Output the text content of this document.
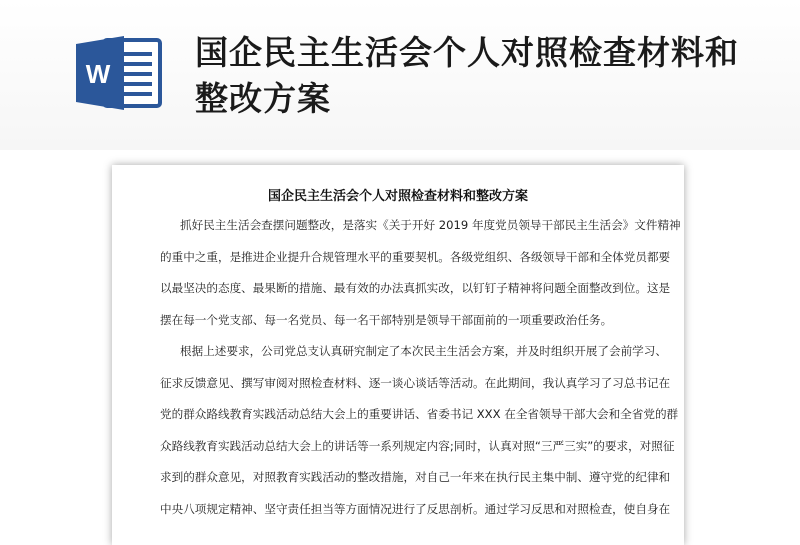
W
国企民主生活会个人对照检查材料和整改方案
国企民主生活会个人对照检查材料和整改方案
抓好民主生活会查摆问题整改，是落实《关于开好 2019 年度党员领导干部民主生活会》文件精神
的重中之重，是推进企业提升合规管理水平的重要契机。各级党组织、各级领导干部和全体党员都要
以最坚决的态度、最果断的措施、最有效的办法真抓实改，以钉钉子精神将问题全面整改到位。这是
摆在每一个党支部、每一名党员、每一名干部特别是领导干部面前的一项重要政治任务。
根据上述要求，公司党总支认真研究制定了本次民主生活会方案，并及时组织开展了会前学习、
征求反馈意见、撰写审阅对照检查材料、逐一谈心谈话等活动。在此期间，我认真学习了习总书记在
党的群众路线教育实践活动总结大会上的重要讲话、省委书记 XXX 在全省领导干部大会和全省党的群
众路线教育实践活动总结大会上的讲话等一系列规定内容;同时，认真对照“三严三实”的要求，对照征
求到的群众意见，对照教育实践活动的整改措施，对自己一年来在执行民主集中制、遵守党的纪律和
中央八项规定精神、坚守责任担当等方面情况进行了反思剖析。通过学习反思和对照检查，使自身在
